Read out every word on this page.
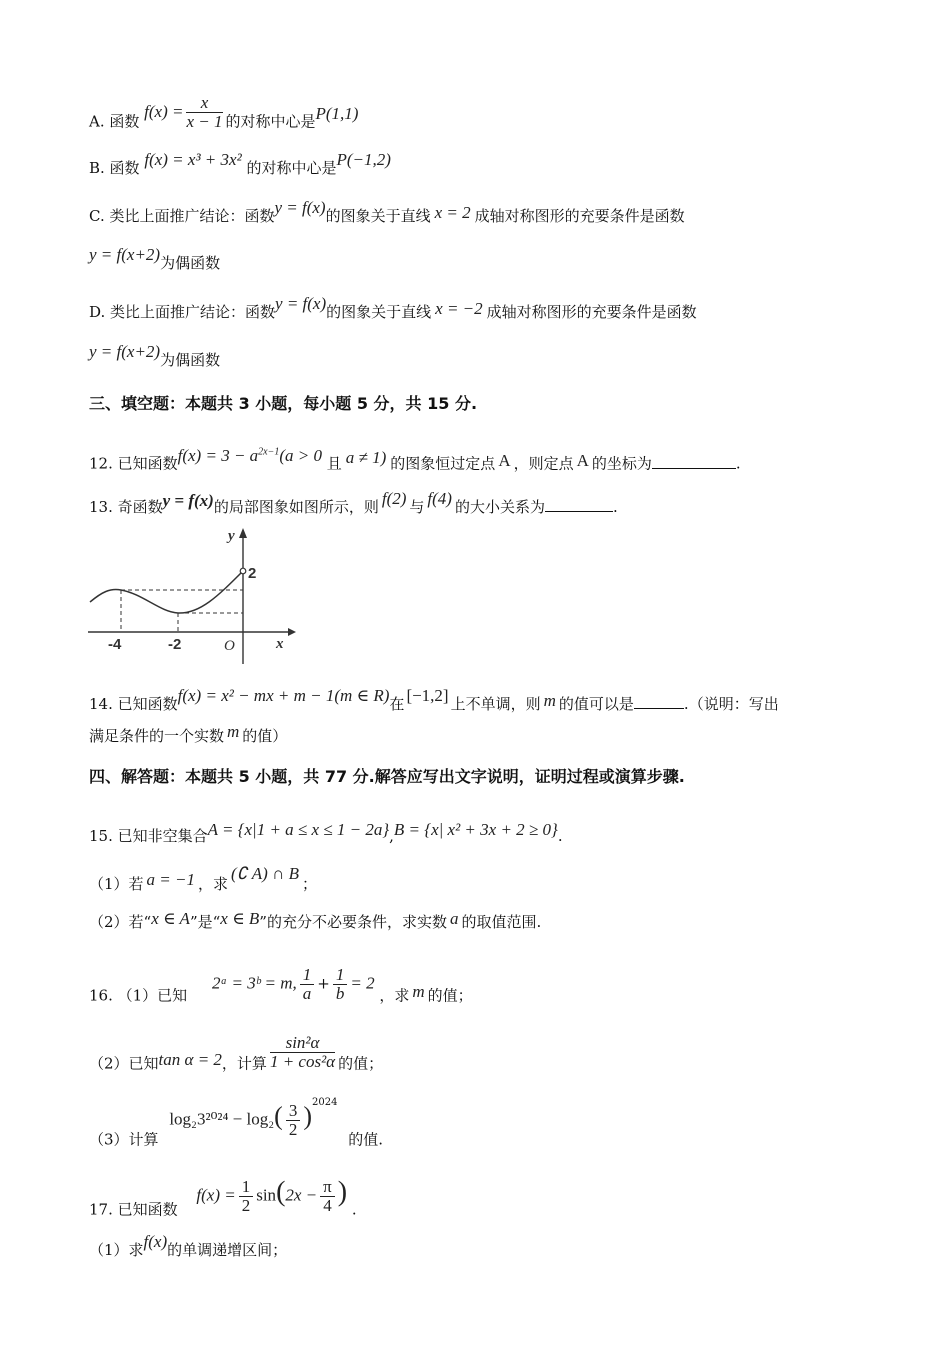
A. 函数 $f(x) = \frac{x}{x - 1}$ 的对称中心是P(1,1)
B. 函数 f(x) = x³ + 3x² 的对称中心是P(−1,2)
C. 类比上面推广结论：函数y = f(x)的图象关于直线 x = 2 成轴对称图形的充要条件是函数
y = f(x+2)为偶函数
D. 类比上面推广结论：函数y = f(x)的图象关于直线 x = −2 成轴对称图形的充要条件是函数
y = f(x+2)为偶函数
三、填空题：本题共 3 小题，每小题 5 分，共 15 分.
12. 已知函数$f(x) = 3 - a^{2x-1}(a > 0$ 且 a ≠ 1) 的图象恒过定点 A ，则定点 A 的坐标为	.
13. 奇函数y = f(x)的局部图象如图所示，则 f(2) 与 f(4) 的大小关系为	.
y
x
O
2
-4	-2
14. 已知函数f(x) = x² − mx + m − 1(m ∈ R)在 [−1,2] 上不单调，则 m 的值可以是	.（说明：写出
满足条件的一个实数 m 的值）
四、解答题：本题共 5 小题，共 77 分.解答应写出文字说明，证明过程或演算步骤.
15. 已知非空集合A = {x|1 + a ≤ x ≤ 1 − 2a},B = {x| x² + 3x + 2 ≥ 0}.
（1）若 a = −1 ，求(∁ A) ∩ B；
（2）若“x ∈ A”是“x ∈ B”的充分不必要条件，求实数 a 的取值范围.
16. （1）已知 2ᵃ = 3ᵇ = m, $\frac{1}{a} + \frac{1}{b} = 2$ ，求 m 的值；
（2）已知tan α = 2，计算 $\frac{\text{sin²α}}{\text{1 + cos²α}}$ 的值；
（3）计算 $\log_23^{2024} - \log_2( \frac{3}{2} )^{2024}$ 的值.
17. 已知函数 $f(x) = \frac{1}{2} \sin(2x - \frac{\pi}{4}$ ) .
（1）求f(x)的单调递增区间；
